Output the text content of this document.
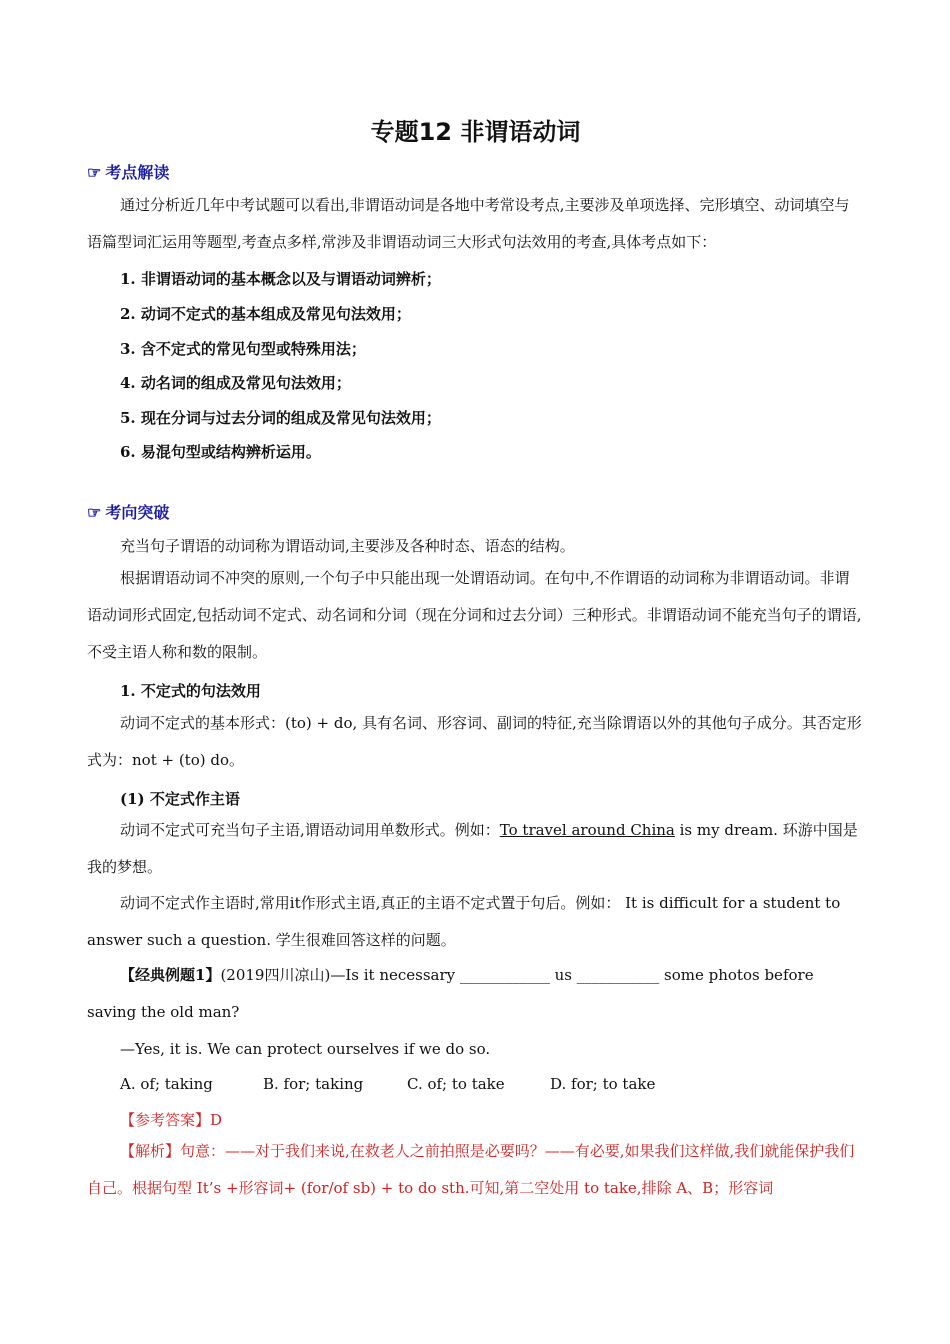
专题12 非谓语动词
☞ 考点解读
通过分析近几年中考试题可以看出,非谓语动词是各地中考常设考点,主要涉及单项选择、完形填空、动词填空与语篇型词汇运用等题型,考查点多样,常涉及非谓语动词三大形式句法效用的考查,具体考点如下：
1. 非谓语动词的基本概念以及与谓语动词辨析；
2. 动词不定式的基本组成及常见句法效用；
3. 含不定式的常见句型或特殊用法；
4. 动名词的组成及常见句法效用；
5. 现在分词与过去分词的组成及常见句法效用；
6. 易混句型或结构辨析运用。
☞ 考向突破
充当句子谓语的动词称为谓语动词,主要涉及各种时态、语态的结构。
根据谓语动词不冲突的原则,一个句子中只能出现一处谓语动词。在句中,不作谓语的动词称为非谓语动词。非谓语动词形式固定,包括动词不定式、动名词和分词（现在分词和过去分词）三种形式。非谓语动词不能充当句子的谓语,不受主语人称和数的限制。
1. 不定式的句法效用
动词不定式的基本形式：(to) + do, 具有名词、形容词、副词的特征,充当除谓语以外的其他句子成分。其否定形式为：not + (to) do。
(1) 不定式作主语
动词不定式可充当句子主语,谓语动词用单数形式。例如：To travel around China is my dream. 环游中国是我的梦想。
动词不定式作主语时,常用it作形式主语,真正的主语不定式置于句后。例如： It is difficult for a student to answer such a question. 学生很难回答这样的问题。
【经典例题1】(2019四川凉山)—Is it necessary ____________ us ___________ some photos before saving the old man?
—Yes, it is. We can protect ourselves if we do so.
A. of; taking	B. for; taking	C. of; to take	D. for; to take
【参考答案】D
【解析】句意：——对于我们来说,在救老人之前拍照是必要吗？——有必要,如果我们这样做,我们就能保护我们自己。根据句型 It’s +形容词+ (for/of sb) + to do sth.可知,第二空处用 to take,排除 A、B；形容词
